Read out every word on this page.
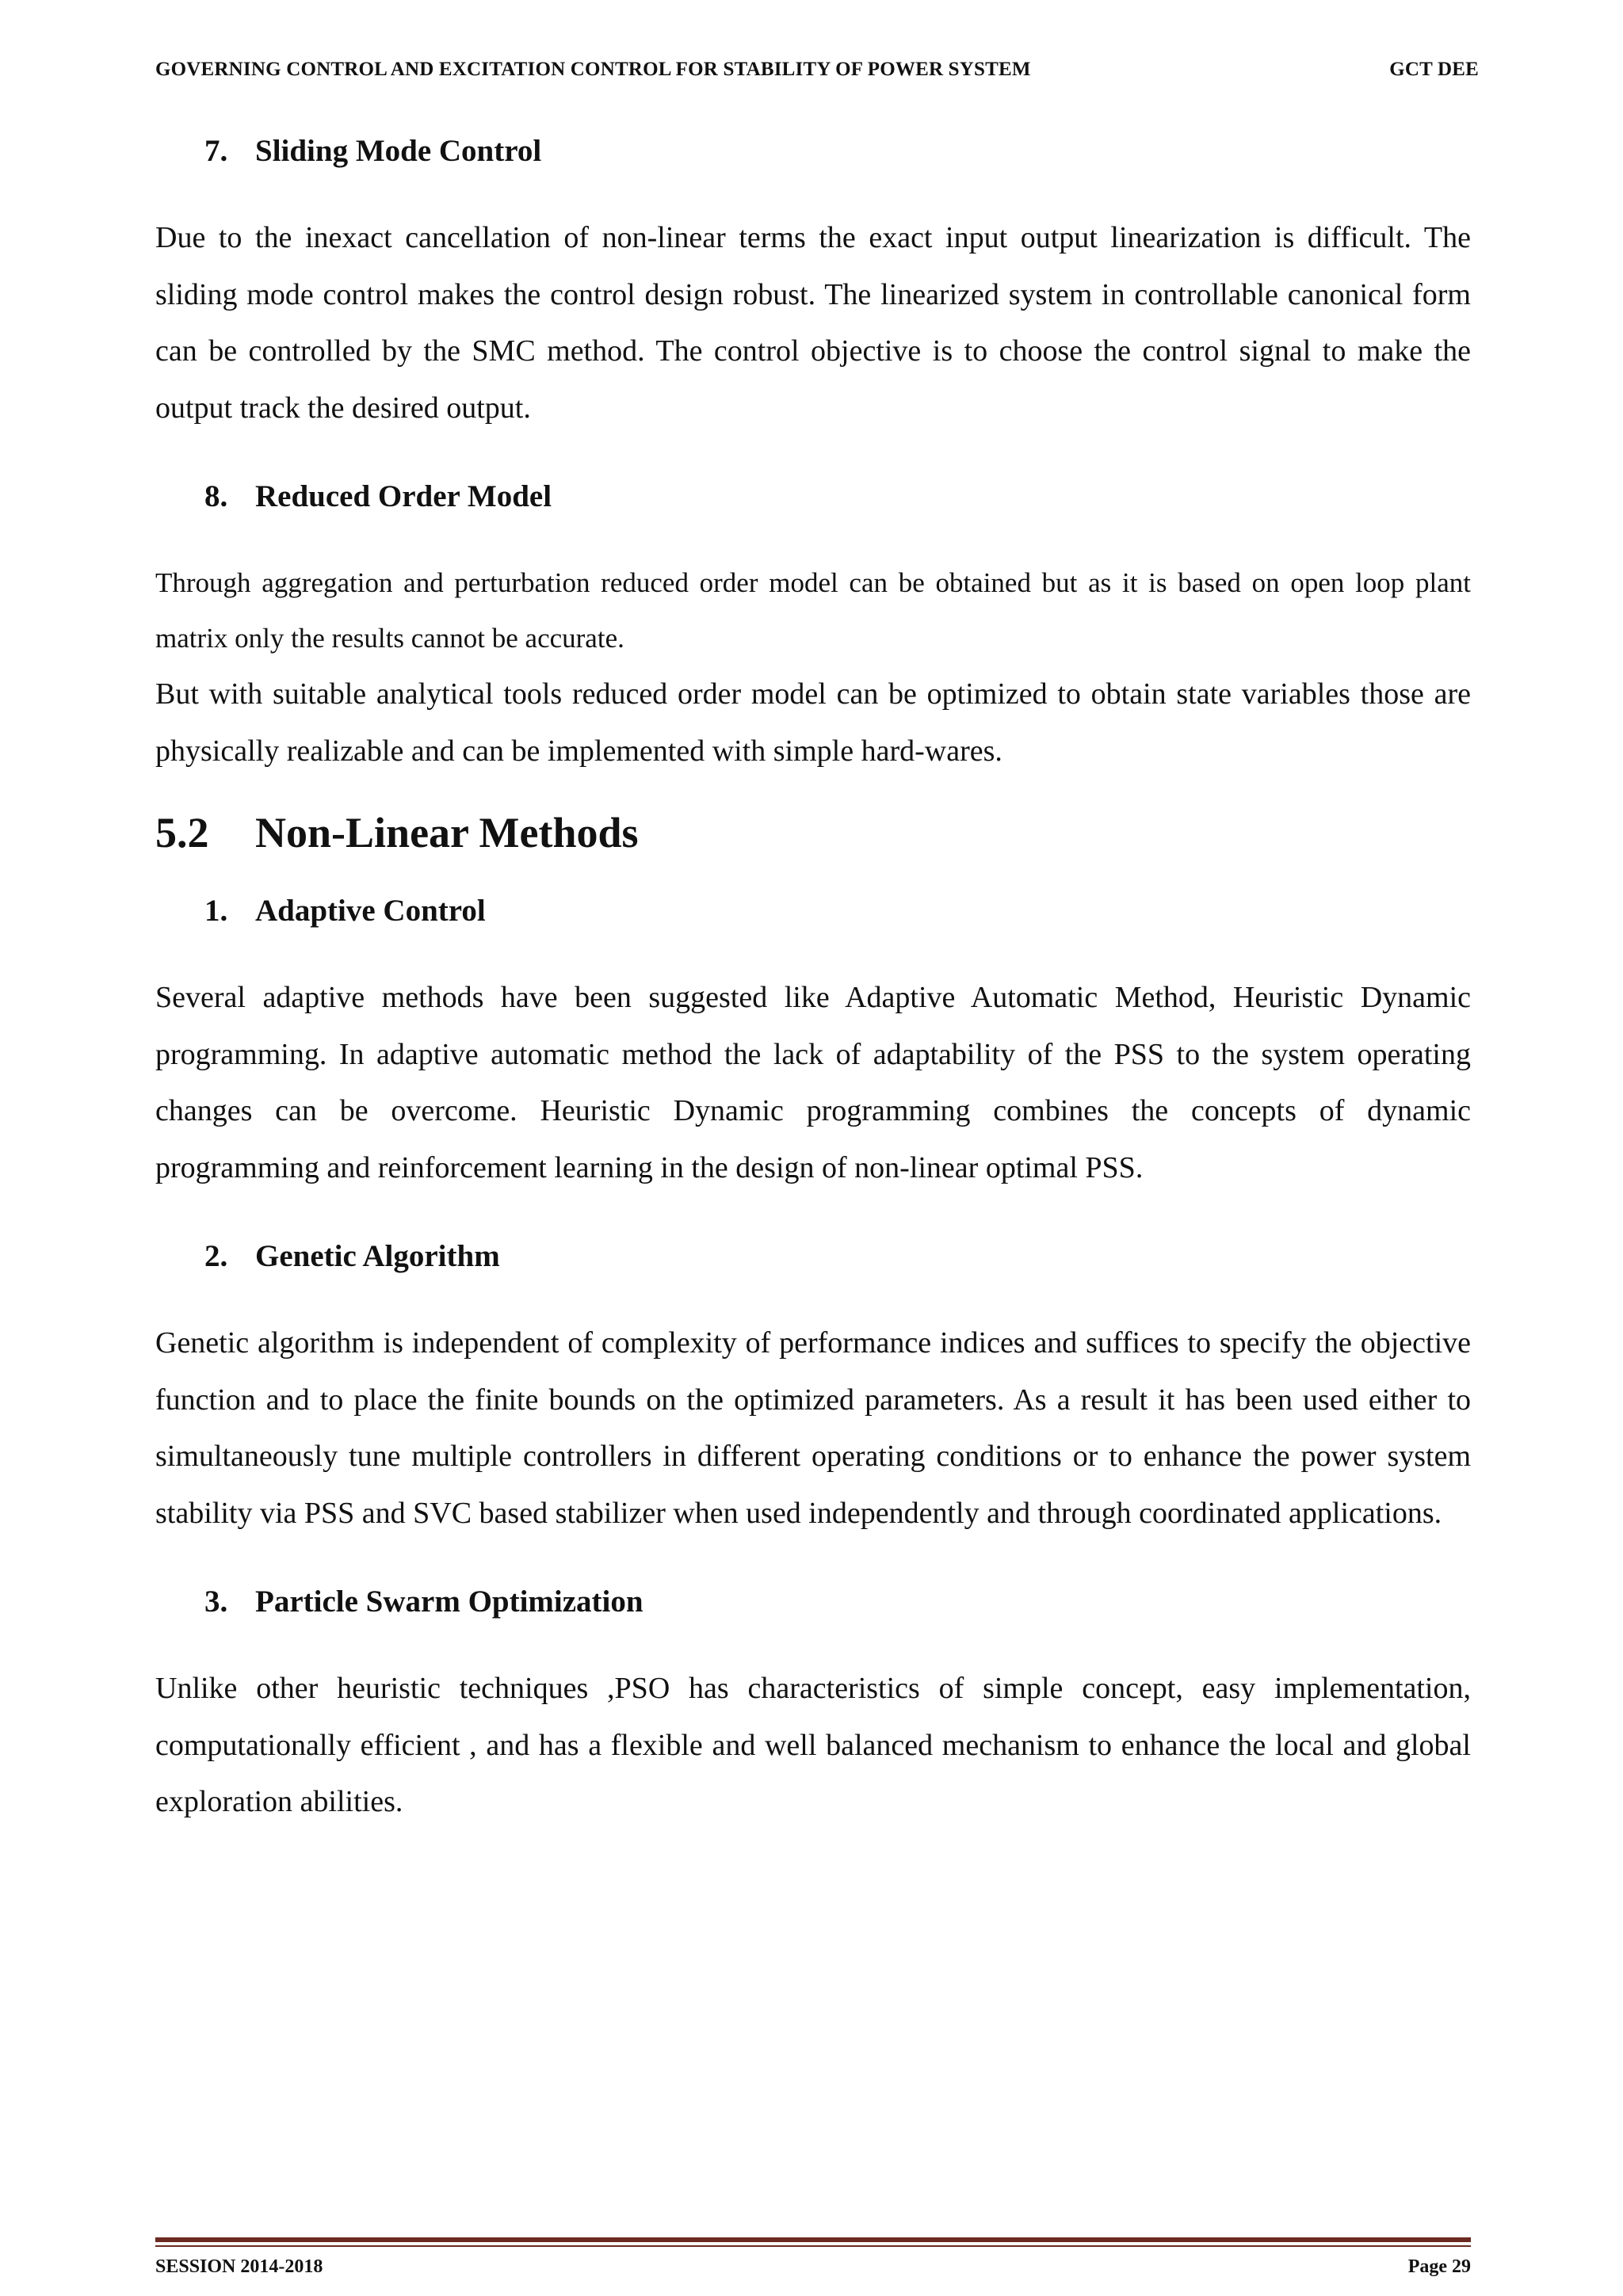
GOVERNING CONTROL AND EXCITATION CONTROL FOR STABILITY OF POWER SYSTEM	GCT DEE
7. Sliding Mode Control

Due to the inexact cancellation of non-linear terms the exact input output linearization is difficult. The sliding mode control makes the control design robust. The linearized system in controllable canonical form can be controlled by the SMC method. The control objective is to choose the control signal to make the output track the desired output.

8. Reduced Order Model

Through aggregation and perturbation reduced order model can be obtained but as it is based on open loop plant matrix only the results cannot be accurate.

But with suitable analytical tools reduced order model can be optimized to obtain state variables those are physically realizable and can be implemented with simple hard-wares.

5.2 Non-Linear Methods
1. Adaptive Control

Several adaptive methods have been suggested like Adaptive Automatic Method, Heuristic Dynamic programming. In adaptive automatic method the lack of adaptability of the PSS to the system operating changes can be overcome. Heuristic Dynamic programming combines the concepts of dynamic programming and reinforcement learning in the design of non-linear optimal PSS.

2. Genetic Algorithm

Genetic algorithm is independent of complexity of performance indices and suffices to specify the objective function and to place the finite bounds on the optimized parameters. As a result it has been used either to simultaneously tune multiple controllers in different operating conditions or to enhance the power system stability via PSS and SVC based stabilizer when used independently and through coordinated applications.

3. Particle Swarm Optimization

Unlike other heuristic techniques ,PSO has characteristics of simple concept, easy implementation, computationally efficient , and has a flexible and well balanced mechanism to enhance the local and global exploration abilities.

SESSION 2014-2018	Page 29
